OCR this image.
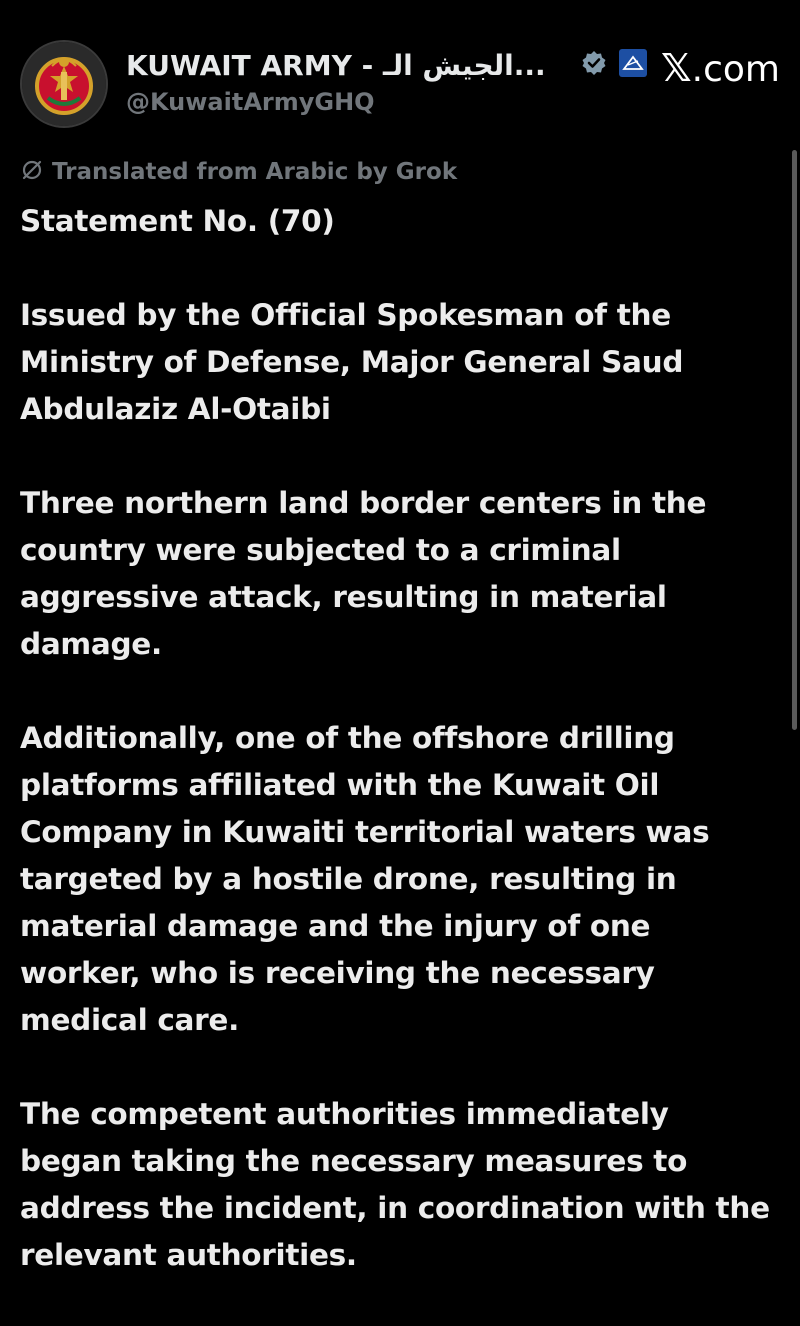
KUWAIT ARMY - الجيش الـ...
@KuwaitArmyGHQ
𝕏.com
Translated from Arabic by Grok

Statement No. (70)

Issued by the Official Spokesman of the
Ministry of Defense, Major General Saud
Abdulaziz Al-Otaibi

Three northern land border centers in the
country were subjected to a criminal
aggressive attack, resulting in material
damage.

Additionally, one of the offshore drilling
platforms affiliated with the Kuwait Oil
Company in Kuwaiti territorial waters was
targeted by a hostile drone, resulting in
material damage and the injury of one
worker, who is receiving the necessary
medical care.

The competent authorities immediately
began taking the necessary measures to
address the incident, in coordination with the
relevant authorities.
